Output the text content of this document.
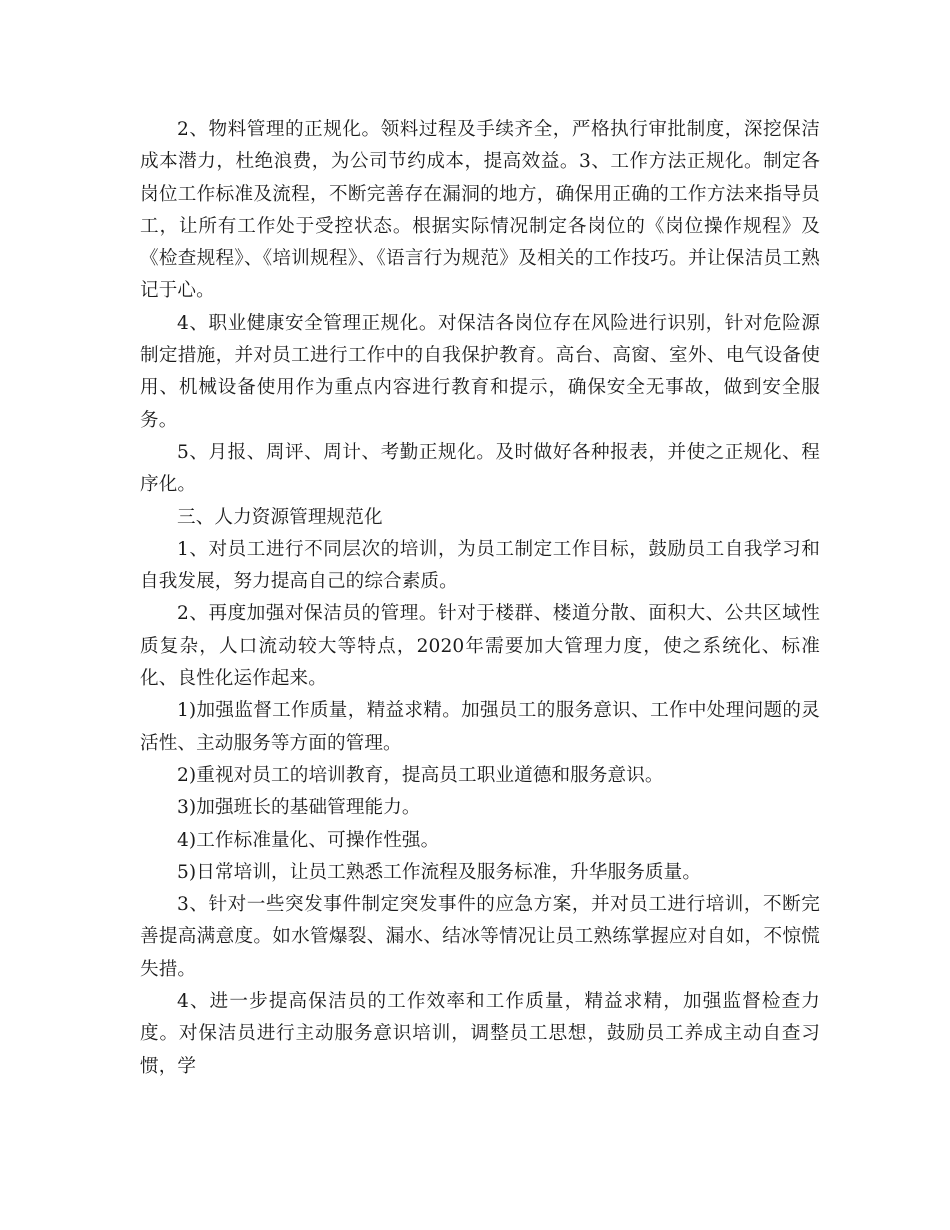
2、物料管理的正规化。领料过程及手续齐全，严格执行审批制度，深挖保洁成本潜力，杜绝浪费，为公司节约成本，提高效益。3、工作方法正规化。制定各岗位工作标准及流程，不断完善存在漏洞的地方，确保用正确的工作方法来指导员工，让所有工作处于受控状态。根据实际情况制定各岗位的《岗位操作规程》及《检查规程》、《培训规程》、《语言行为规范》及相关的工作技巧。并让保洁员工熟记于心。

4、职业健康安全管理正规化。对保洁各岗位存在风险进行识别，针对危险源制定措施，并对员工进行工作中的自我保护教育。高台、高窗、室外、电气设备使用、机械设备使用作为重点内容进行教育和提示，确保安全无事故，做到安全服务。

5、月报、周评、周计、考勤正规化。及时做好各种报表，并使之正规化、程序化。

三、人力资源管理规范化

1、对员工进行不同层次的培训，为员工制定工作目标，鼓励员工自我学习和自我发展，努力提高自己的综合素质。

2、再度加强对保洁员的管理。针对于楼群、楼道分散、面积大、公共区域性质复杂，人口流动较大等特点，2020年需要加大管理力度，使之系统化、标准化、良性化运作起来。

1)加强监督工作质量，精益求精。加强员工的服务意识、工作中处理问题的灵活性、主动服务等方面的管理。

2)重视对员工的培训教育，提高员工职业道德和服务意识。

3)加强班长的基础管理能力。

4)工作标准量化、可操作性强。

5)日常培训，让员工熟悉工作流程及服务标准，升华服务质量。

3、针对一些突发事件制定突发事件的应急方案，并对员工进行培训，不断完善提高满意度。如水管爆裂、漏水、结冰等情况让员工熟练掌握应对自如，不惊慌失措。

4、进一步提高保洁员的工作效率和工作质量，精益求精，加强监督检查力度。对保洁员进行主动服务意识培训，调整员工思想，鼓励员工养成主动自查习惯，学
